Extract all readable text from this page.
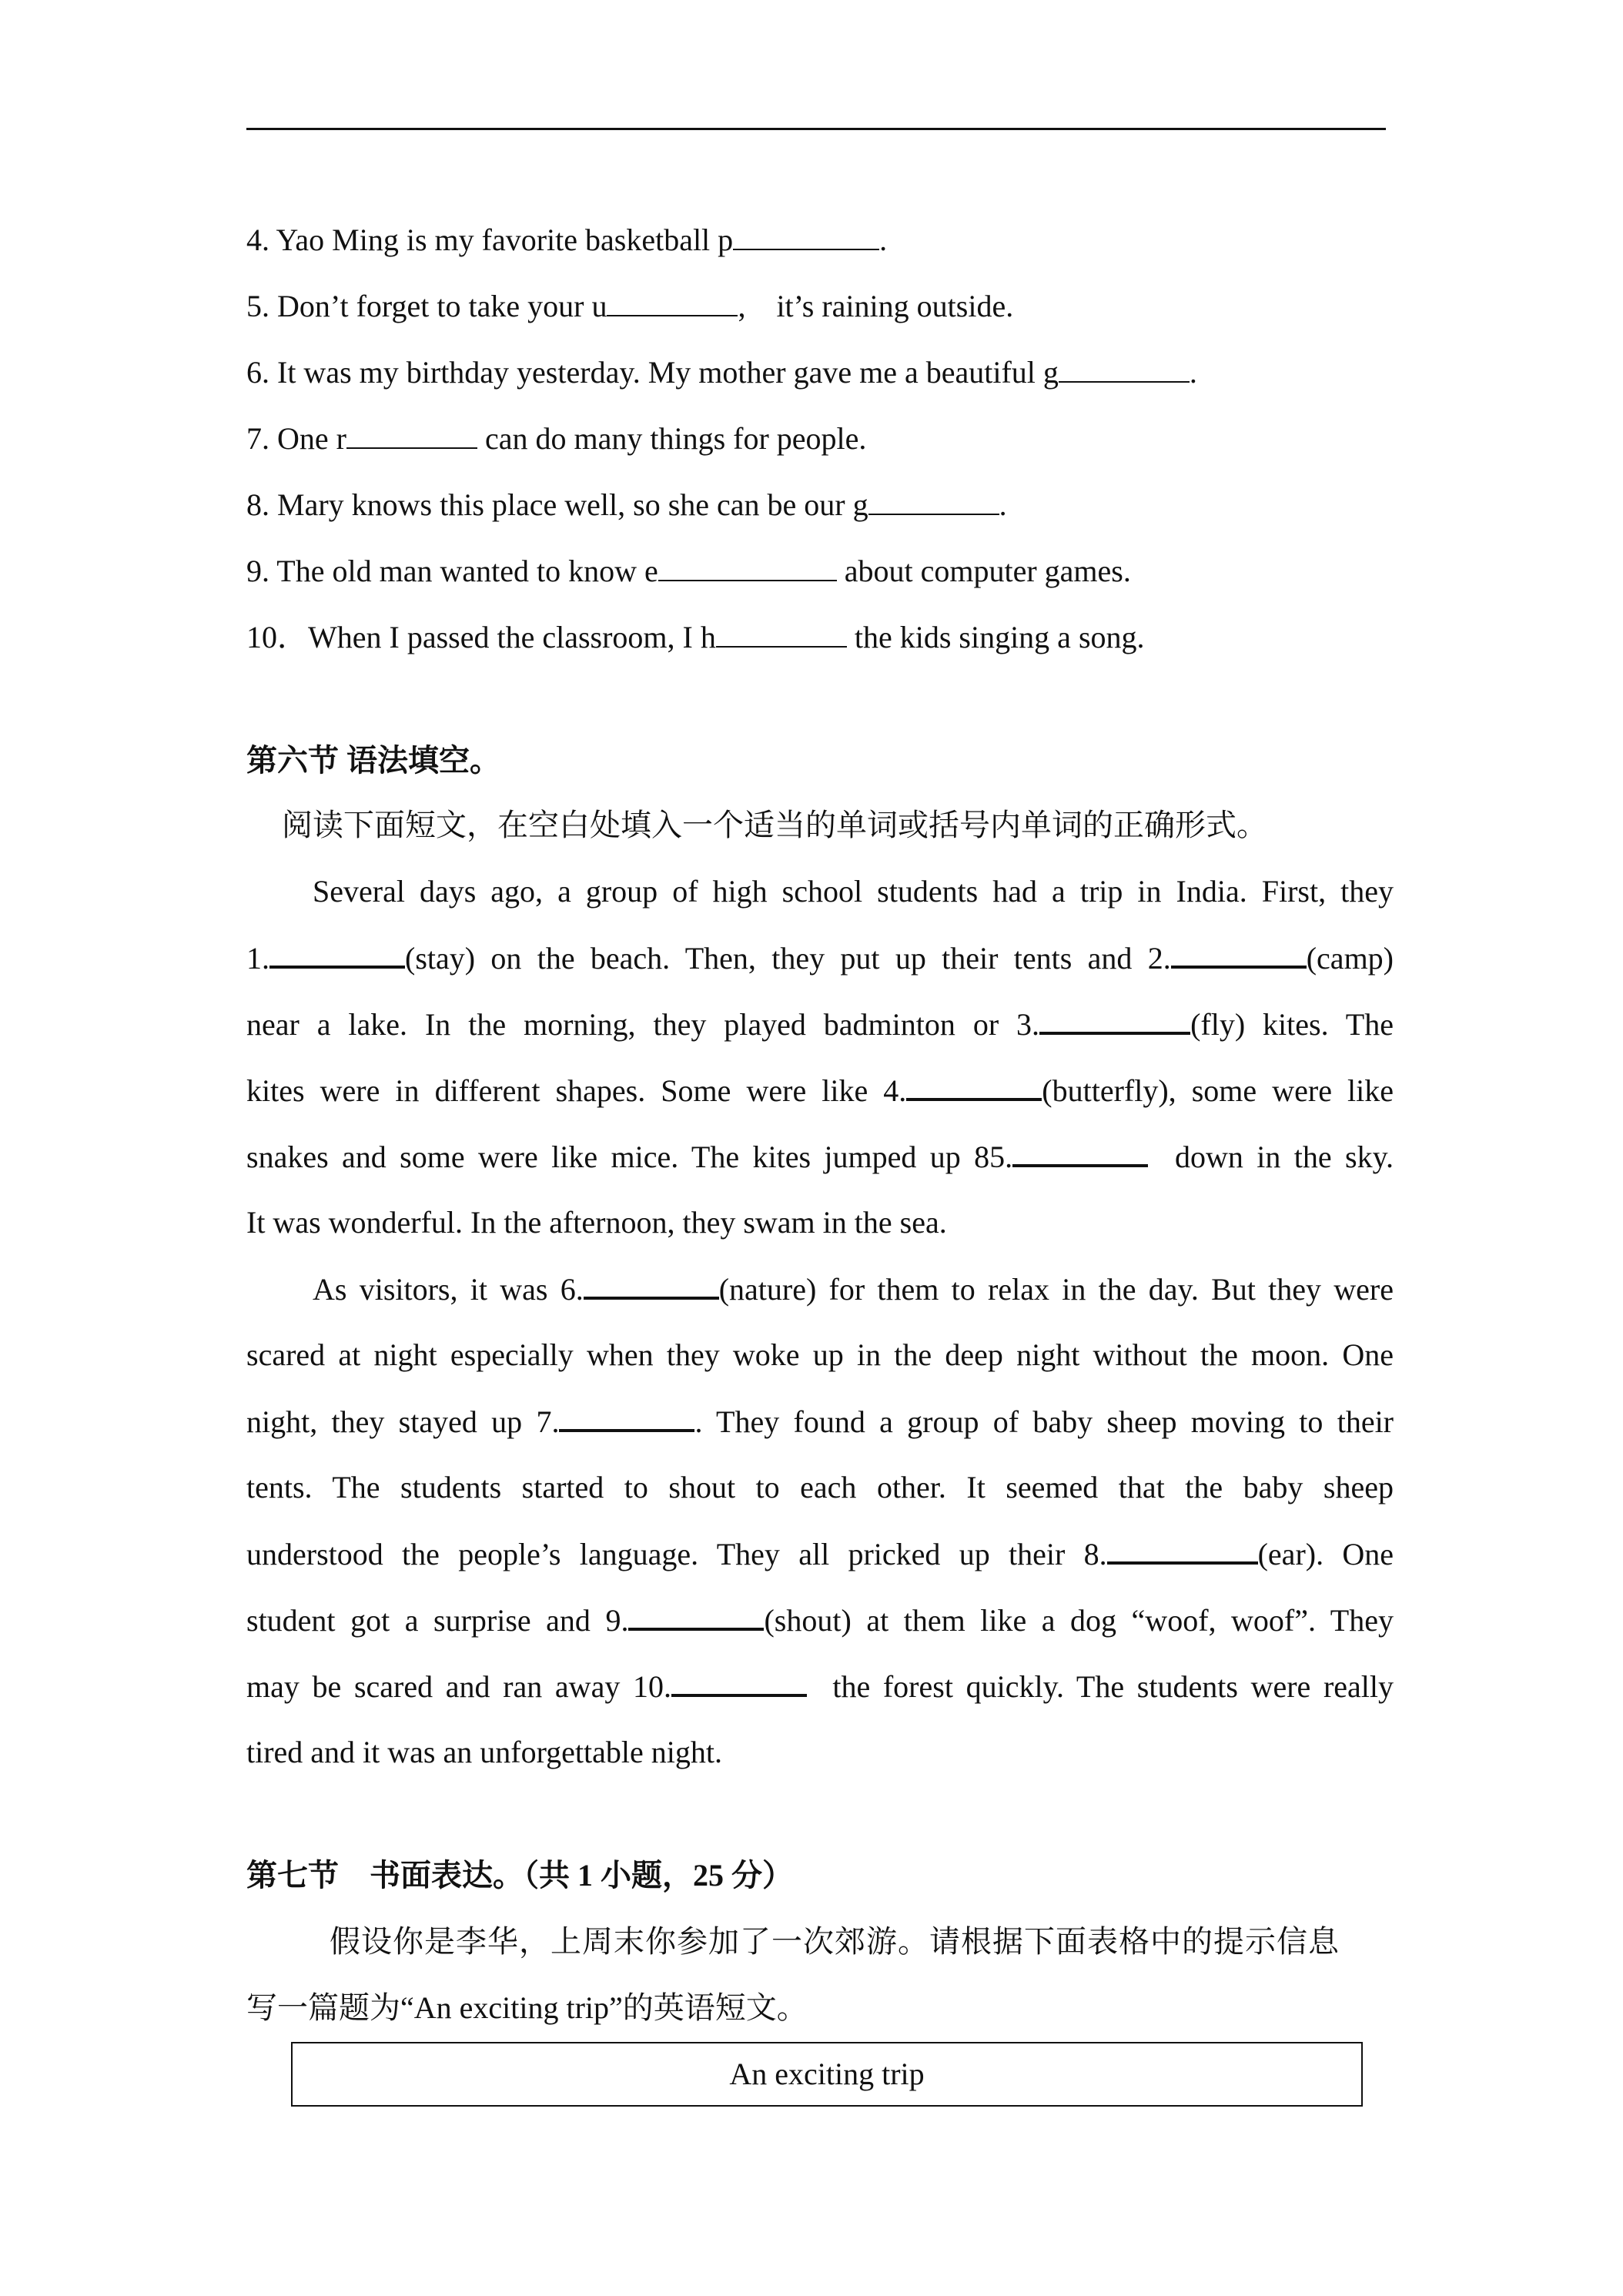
4. Yao Ming is my favorite basketball p	.
5. Don’t forget to take your u	,    it’s raining outside.
6. It was my birthday yesterday. My mother gave me a beautiful g	.
7. One r	can do many things for people.
8. Mary knows this place well, so she can be our g	.
9. The old man wanted to know e	about computer games.
10．When I passed the classroom, I h	the kids singing a song.
第六节 语法填空。
阅读下面短文，在空白处填入一个适当的单词或括号内单词的正确形式。
Several days ago, a group of high school students had a trip in India. First, they
1.	(stay) on the beach. Then, they put up their tents and 2.	(camp)
near a lake. In the morning, they played badminton or 3.	(fly) kites. The
kites were in different shapes. Some were like 4.	(butterfly), some were like
snakes and some were like mice. The kites jumped up 85.	down in the sky.
It was wonderful. In the afternoon, they swam in the sea.
As visitors, it was 6.	(nature) for them to relax in the day. But they were
scared at night especially when they woke up in the deep night without the moon. One
night, they stayed up 7.	. They found a group of baby sheep moving to their
tents. The students started to shout to each other. It seemed that the baby sheep
understood the people’s language. They all pricked up their 8.	(ear). One
student got a surprise and 9.	(shout) at them like a dog “woof, woof”. They
may be scared and ran away 10.	the forest quickly. The students were really
tired and it was an unforgettable night.
第七节    书面表达。（共 1 小题，25 分）
假设你是李华，上周末你参加了一次郊游。请根据下面表格中的提示信息
写一篇题为“An exciting trip”的英语短文。
An exciting trip
